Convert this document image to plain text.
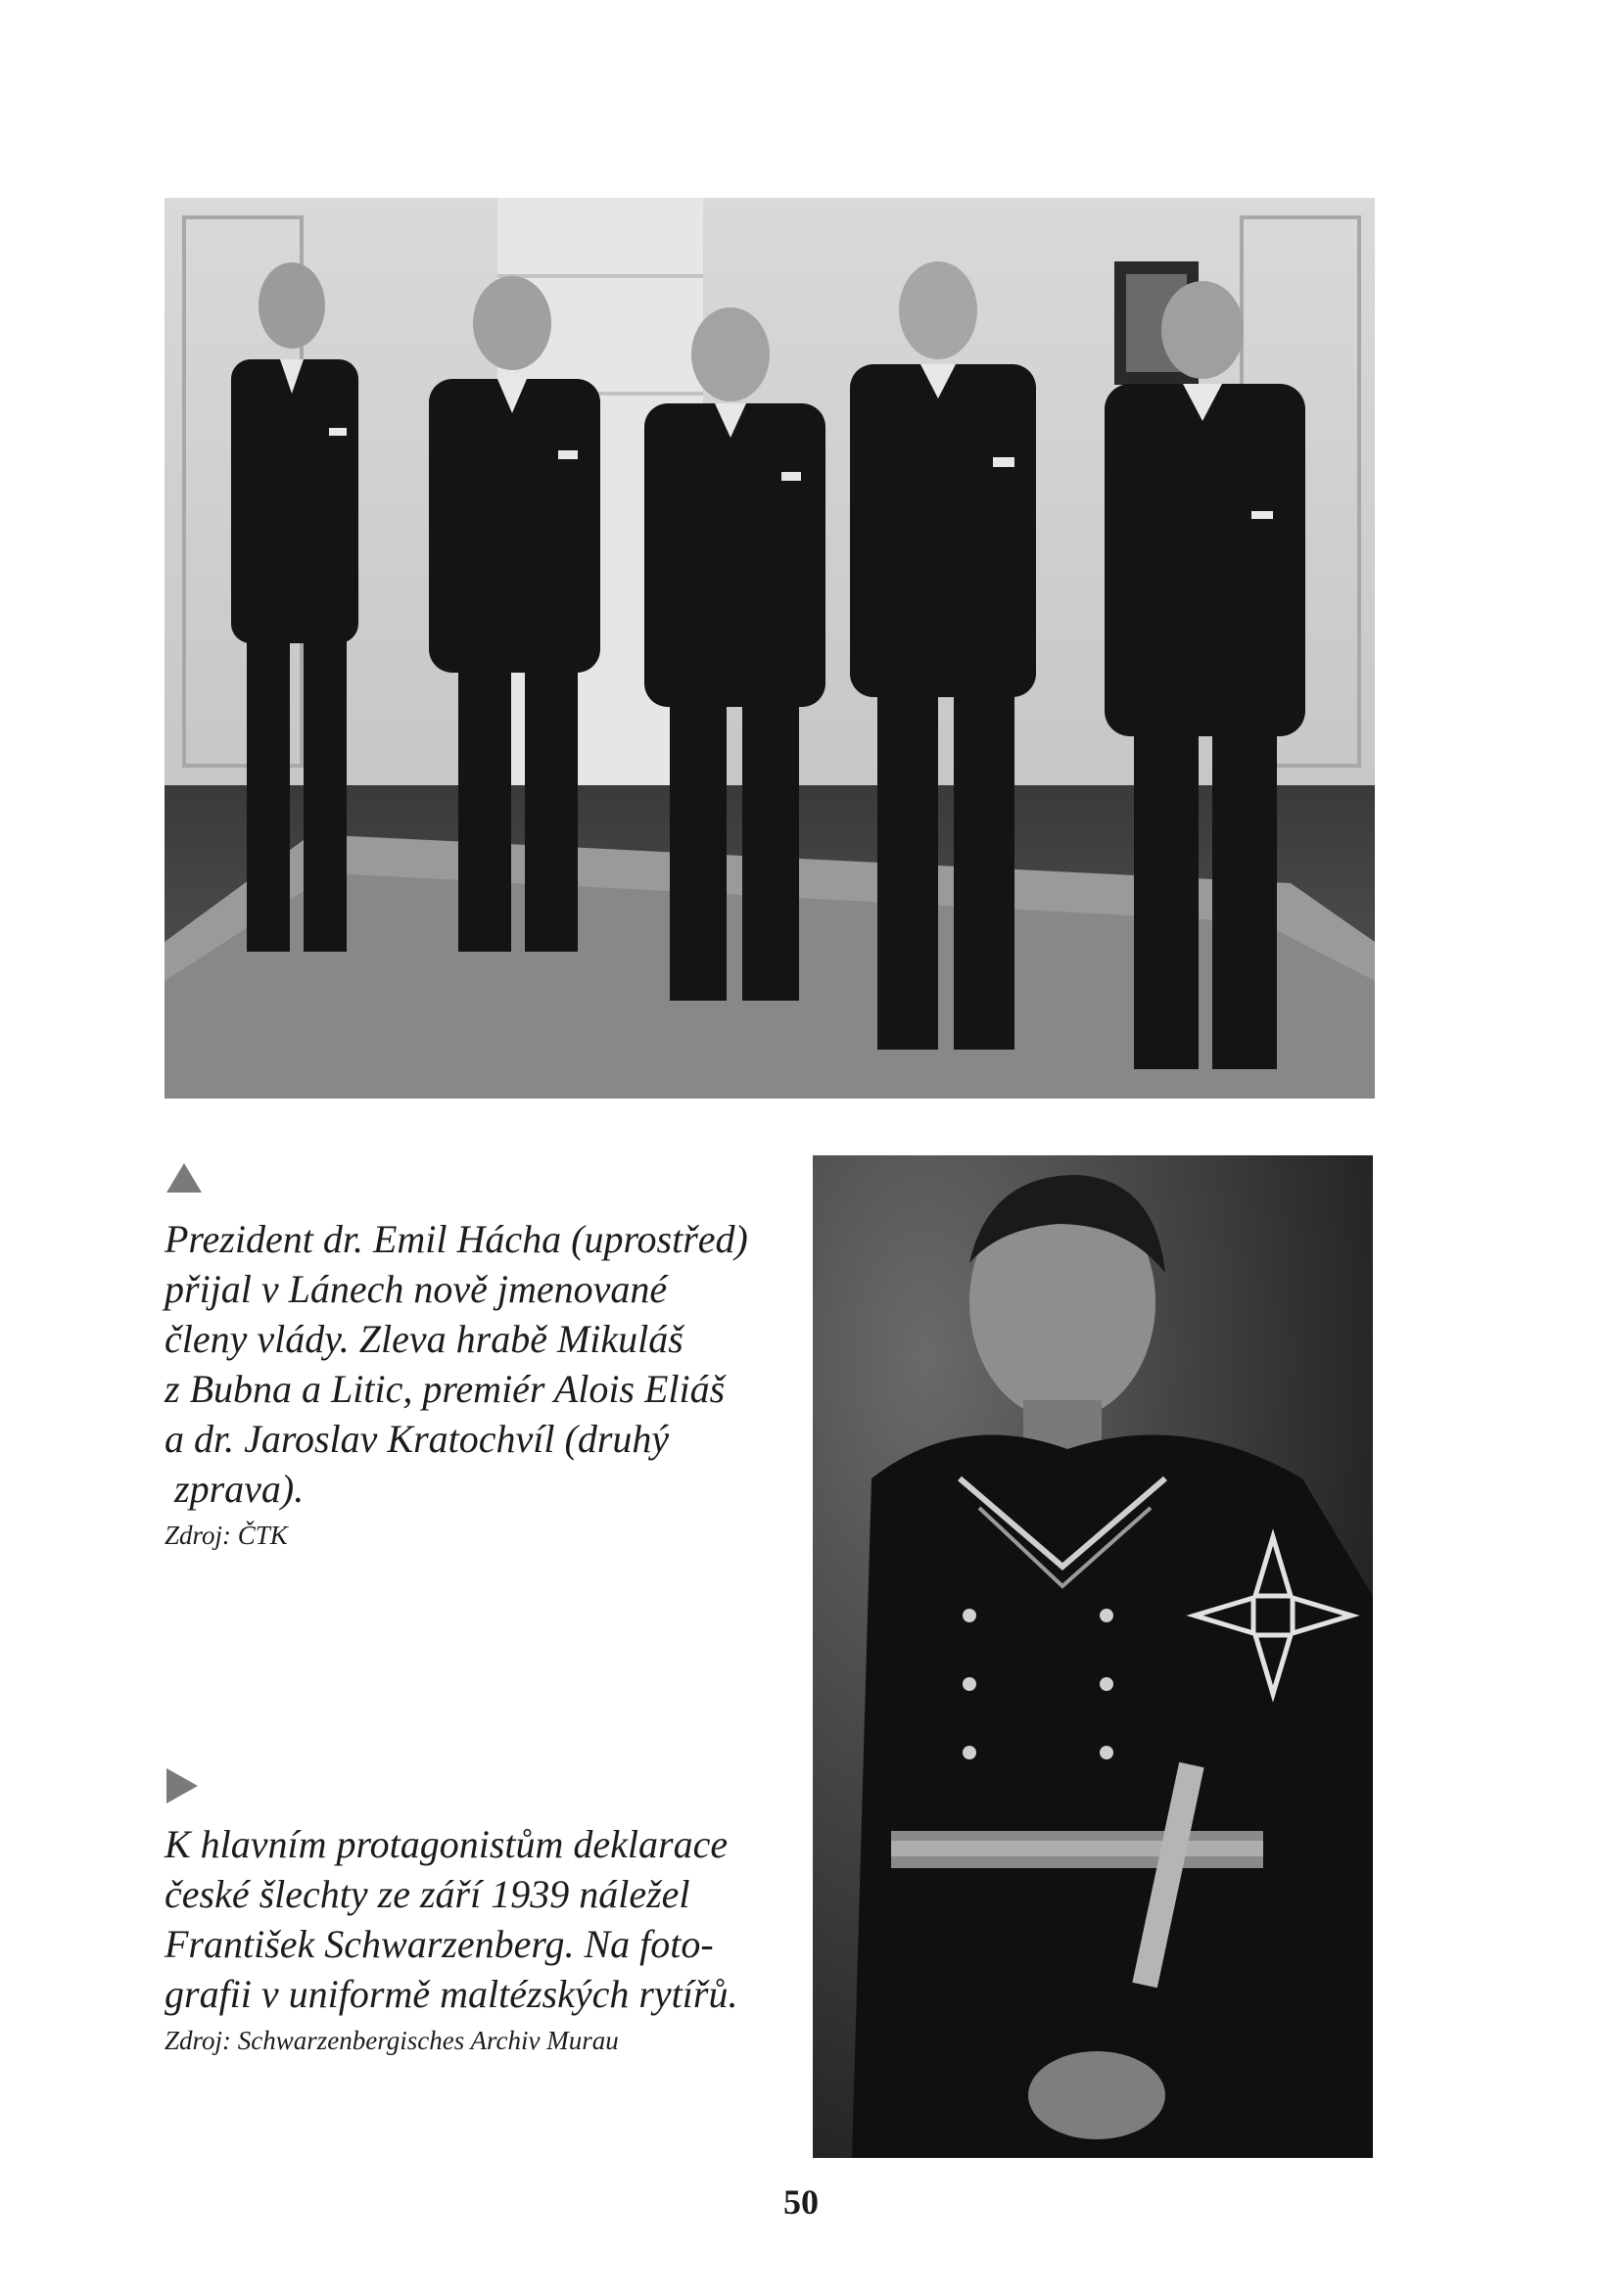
Prezident dr. Emil Hácha (uprostřed)

přijal v Lánech nově jmenované

členy vlády. Zleva hrabě Mikuláš

z Bubna a Litic, premiér Alois Eliáš

a dr. Jaroslav Kratochvíl (druhý

zprava).

Zdroj: ČTK

K hlavním protagonistům deklarace

české šlechty ze září 1939 náležel

František Schwarzenberg. Na foto-

grafii v uniformě maltézských rytířů.

Zdroj: Schwarzenbergisches Archiv Murau
50
